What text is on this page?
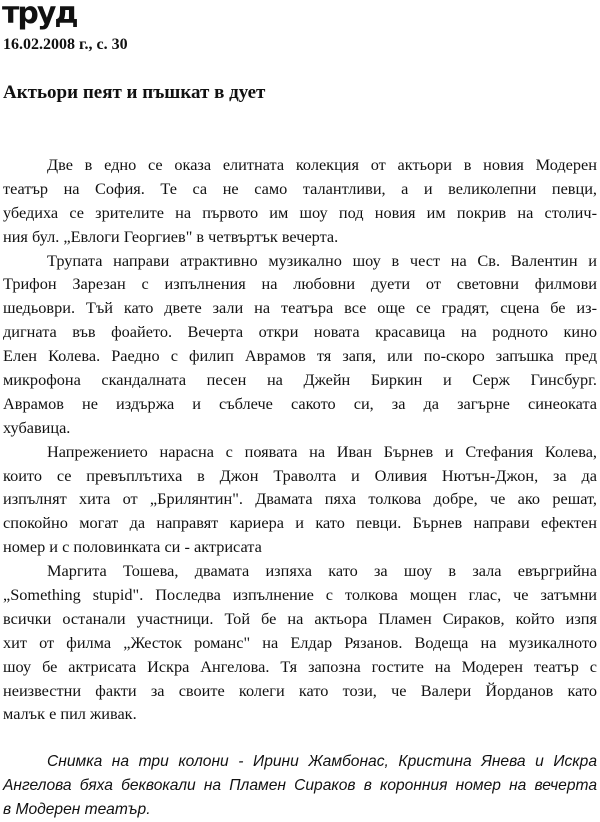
труд
16.02.2008 г., с. 30
Актьори пеят и пъшкат в дует
Две в едно се оказа елитната колекция от актьори в новия Модерен
театър на София. Те са не само талантливи, а и великолепни певци,
убедиха се зрителите на първото им шоу под новия им покрив на столич-
ния бул. „Евлоги Георгиев" в четвъртък вечерта.
Трупата направи атрактивно музикално шоу в чест на Св. Валентин и
Трифон Зарезан с изпълнения на любовни дуети от световни филмови
шедьоври. Тъй като двете зали на театъра все още се градят, сцена бе из-
дигната във фоайето. Вечерта откри новата красавица на родното кино
Елен Колева. Раедно с филип Аврамов тя запя, или по-скоро запъшка пред
микрофона скандалната песен на Джейн Биркин и Серж Гинсбург.
Аврамов не издържа и съблече сакото си, за да загърне синеоката
хубавица.
Напрежението нарасна с появата на Иван Бърнев и Стефания Колева,
които се превъплътиха в Джон Траволта и Оливия Нютън-Джон, за да
изпълнят хита от „Брилянтин". Двамата пяха толкова добре, че ако решат,
спокойно могат да направят кариера и като певци. Бърнев направи ефектен
номер и с половинката си - актрисата
Маргита Тошева, двамата изпяха като за шоу в зала евъргрийна
„Something stupid". Последва изпълнение с толкова мощен глас, че затъмни
всички останали участници. Той бе на актьора Пламен Сираков, който изпя
хит от филма „Жесток романс" на Елдар Рязанов. Водеща на музикалното
шоу бе актрисата Искра Ангелова. Тя запозна гостите на Модерен театър с
неизвестни факти за своите колеги като този, че Валери Йорданов като
малък е пил живак.
Снимка на три колони - Ирини Жамбонас, Кристина Янева и Искра
Ангелова бяха беквокали на Пламен Сираков в коронния номер на вечерта
в Модерен театър.
